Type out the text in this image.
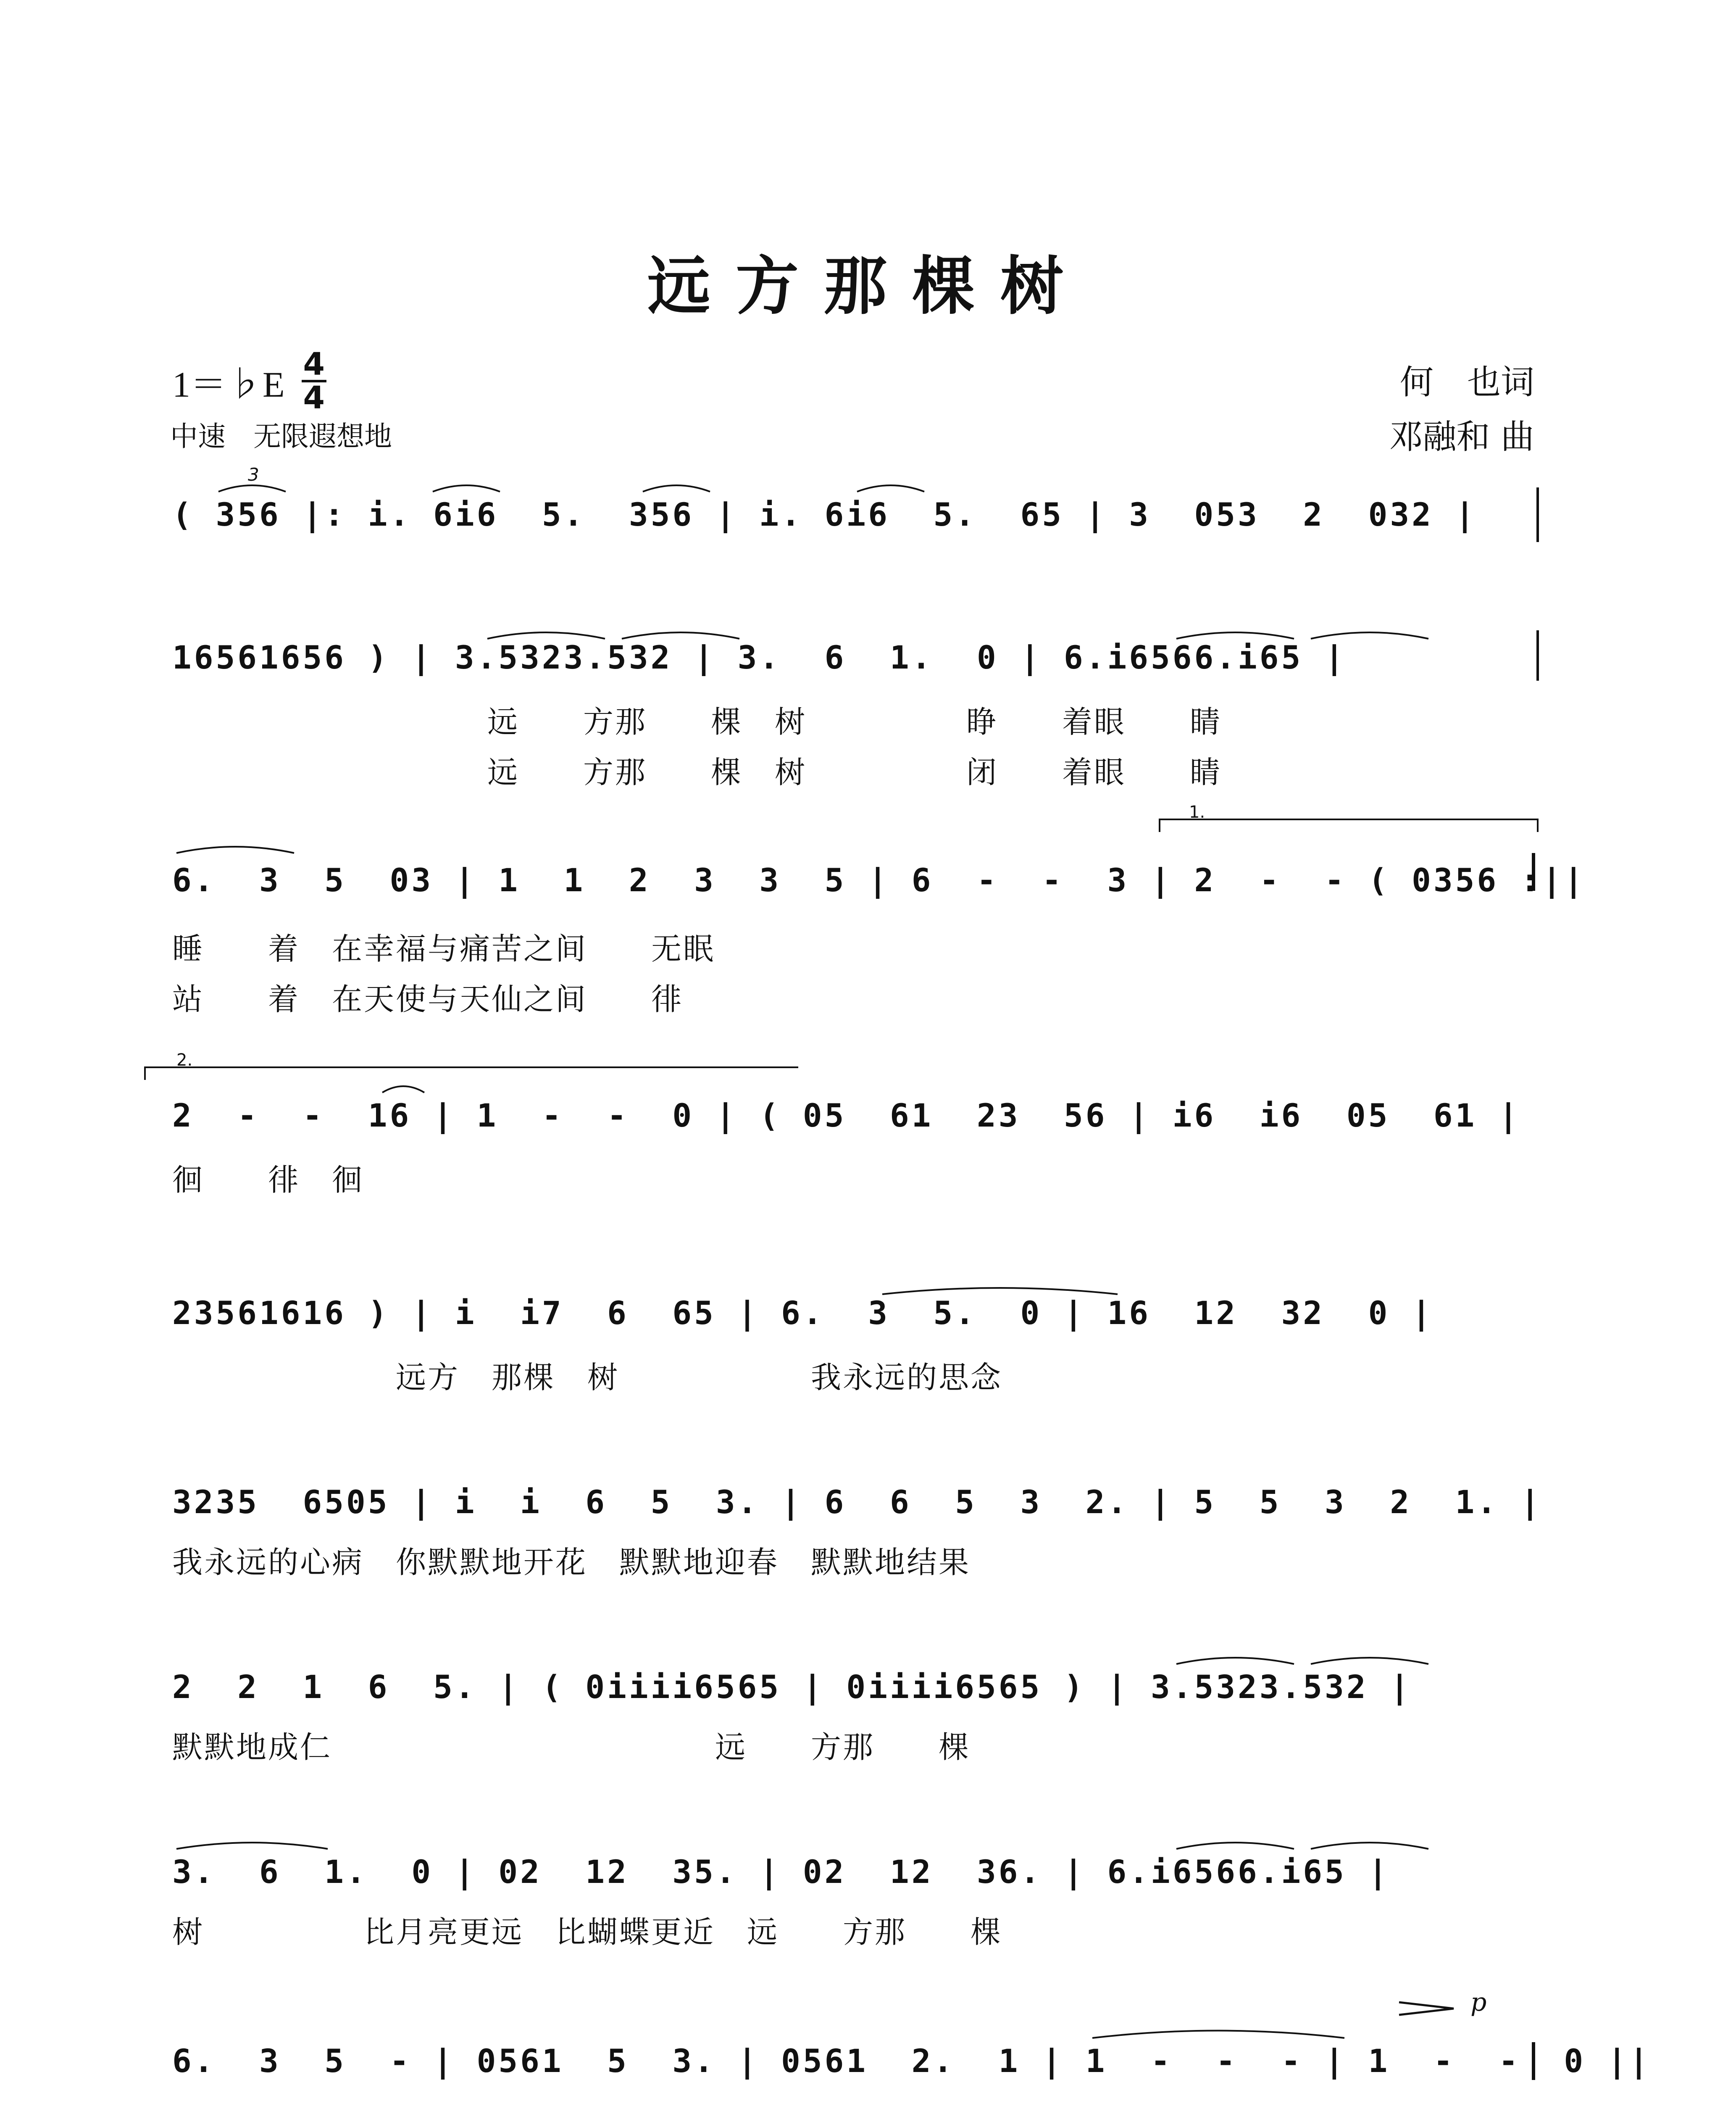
远方那棵树
1＝♭E $\frac{4}{4}$
中速　无限遐想地
何　也词
邓融和 曲
3
( 356 |: i. 6i6  5.  356 | i. 6i6  5.  65 | 3  053  2  032 |
16561656 ) | 3.5323.532 | 3.  6  1.  0 | 6.i6566.i65 |
远　　方那　　棵　树　　　　　睁　　着眼　　睛
远　　方那　　棵　树　　　　　闭　　着眼　　睛
1.
6.  3  5  03 | 1  1  2  3  3  5 | 6  -  -  3 | 2  -  - ( 0356 :||
睡　　着　在幸福与痛苦之间　　无眠
站　　着　在天使与天仙之间　　徘
2.
2  -  -  16 | 1  -  -  0 | ( 05  61  23  56 | i6  i6  05  61 |
徊　　徘　徊
23561616 ) | i  i7  6  65 | 6.  3  5.  0 | 16  12  32  0 |
　　　　　　　远方　那棵　树　　　　　　我永远的思念
3235  6505 | i  i  6  5  3. | 6  6  5  3  2. | 5  5  3  2  1. |
我永远的心病　你默默地开花　默默地迎春　默默地结果
2  2  1  6  5. | ( 0iiii6565 | 0iiii6565 ) | 3.5323.532 |
默默地成仁　　　　　　　　　　　　远　　方那　　棵
3.  6  1.  0 | 02  12  35. | 02  12  36. | 6.i6566.i65 |
树　　　　　比月亮更远　比蝴蝶更近　远　　方那　　棵
p
6.  3  5  - | 0561  5  3. | 0561  2.  1 | 1  -  -  - | 1  -  -  0 ||
